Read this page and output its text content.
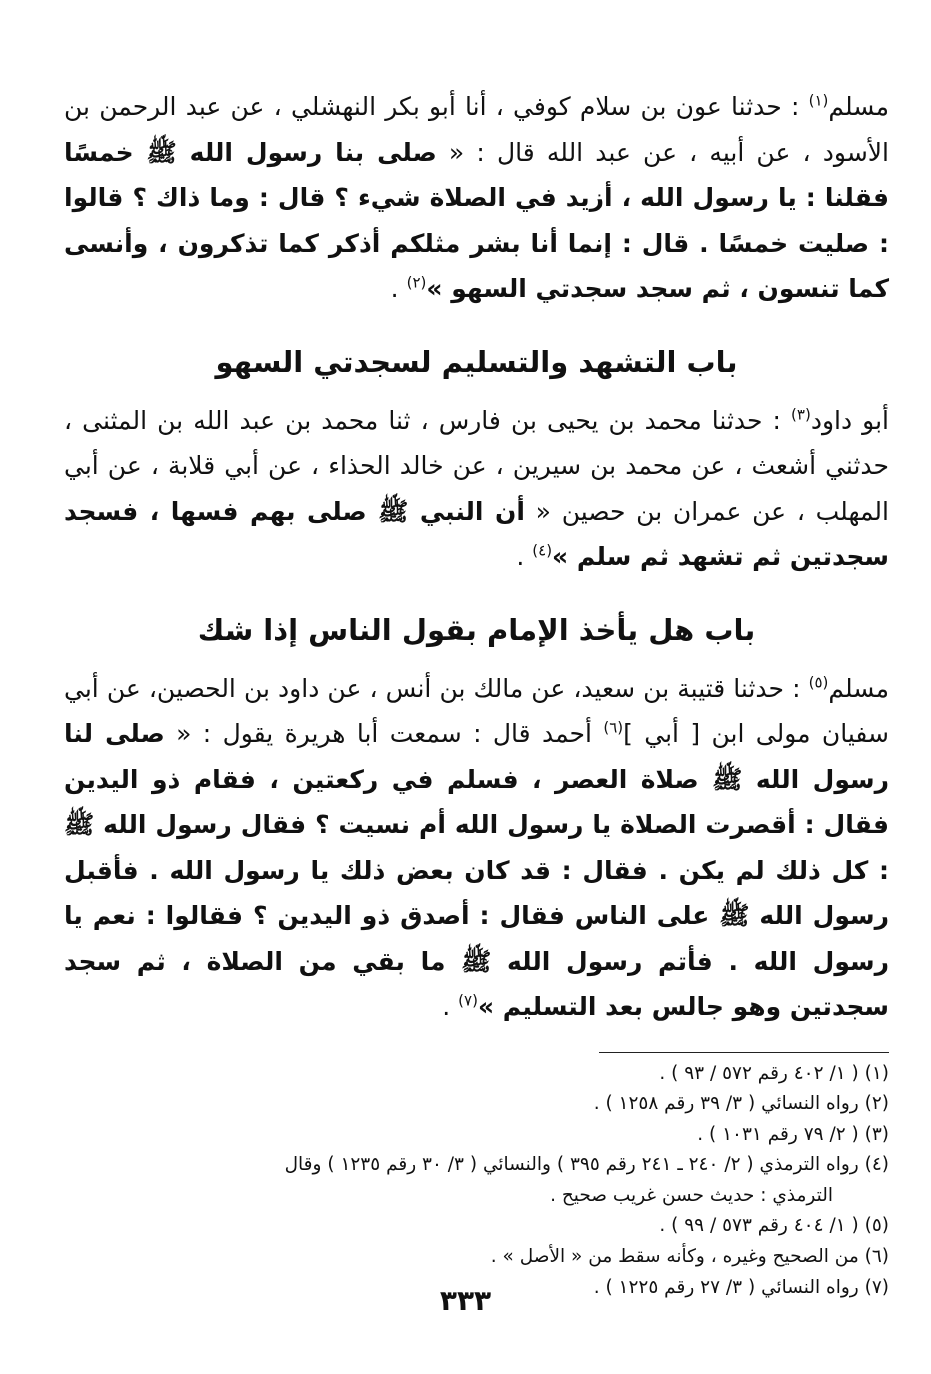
مسلم$^{(١)}$ : حدثنا عون بن سلام كوفي ، أنا أبو بكر النهشلي ، عن عبد الرحمن بن الأسود ، عن أبيه ، عن عبد الله قال : « صلى بنا رسول الله ﷺ خمسًا فقلنا : يا رسول الله ، أزيد في الصلاة شيء ؟ قال : وما ذاك ؟ قالوا : صليت خمسًا . قال : إنما أنا بشر مثلكم أذكر كما تذكرون ، وأنسى كما تنسون ، ثم سجد سجدتي السهو »$^{(٢)}$ .

باب التشهد والتسليم لسجدتي السهو

أبو داود$^{(٣)}$ : حدثنا محمد بن يحيى بن فارس ، ثنا محمد بن عبد الله بن المثنى ، حدثني أشعث ، عن محمد بن سيرين ، عن خالد الحذاء ، عن أبي قلابة ، عن أبي المهلب ، عن عمران بن حصين « أن النبي ﷺ صلى بهم فسها ، فسجد سجدتين ثم تشهد ثم سلم »$^{(٤)}$ .

باب هل يأخذ الإمام بقول الناس إذا شك

مسلم$^{(٥)}$ : حدثنا قتيبة بن سعيد، عن مالك بن أنس ، عن داود بن الحصين، عن أبي سفيان مولى ابن [ أبي ]$^{(٦)}$ أحمد قال : سمعت أبا هريرة يقول : « صلى لنا رسول الله ﷺ صلاة العصر ، فسلم في ركعتين ، فقام ذو اليدين فقال : أقصرت الصلاة يا رسول الله أم نسيت ؟ فقال رسول الله ﷺ : كل ذلك لم يكن . فقال : قد كان بعض ذلك يا رسول الله . فأقبل رسول الله ﷺ على الناس فقال : أصدق ذو اليدين ؟ فقالوا : نعم يا رسول الله . فأتم رسول الله ﷺ ما بقي من الصلاة ، ثم سجد سجدتين وهو جالس بعد التسليم »$^{(٧)}$ .

(١) ( ١/ ٤٠٢ رقم ٥٧٢ / ٩٣ ) .

(٢) رواه النسائي ( ٣/ ٣٩ رقم ١٢٥٨ ) .

(٣) ( ٢/ ٧٩ رقم ١٠٣١ ) .

(٤) رواه الترمذي ( ٢/ ٢٤٠ ـ ٢٤١ رقم ٣٩٥ ) والنسائي ( ٣/ ٣٠ رقم ١٢٣٥ ) وقال
الترمذي : حديث حسن غريب صحيح .

(٥) ( ١/ ٤٠٤ رقم ٥٧٣ / ٩٩ ) .

(٦) من الصحيح وغيره ، وكأنه سقط من « الأصل » .

(٧) رواه النسائي ( ٣/ ٢٧ رقم ١٢٢٥ ) .

٣٣٣
